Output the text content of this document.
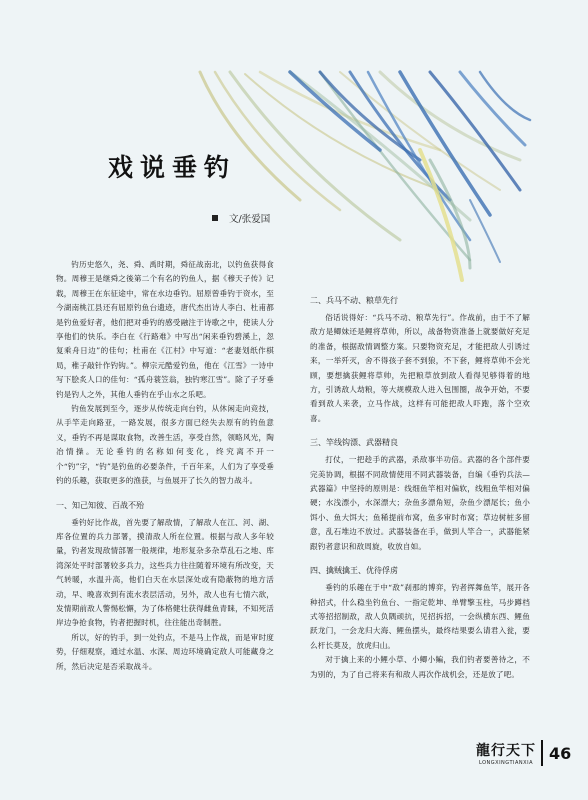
戏说垂钓
文/张爱国

钓历史悠久，尧、舜、禹时期，舜征战南北，以钓鱼获得食物。周穆王是继舜之後第二个有名的钓鱼人，据《穆天子传》记载，周穆王在东征途中，常在水边垂钓。屈原曾垂钓于资水，至今湖南桃江县还有屈原钓鱼台遗迹，唐代杰出诗人李白、杜甫都是钓鱼爱好者，他们把对垂钓的感受融注于诗歌之中，使读人分享他们的快乐。李白在《行路难》中写出“闲来垂钓碧溪上，忽复乘舟日边”的佳句；杜甫在《江村》中写道：“老妻划纸作棋局，稚子敲针作钓钩。”。柳宗元酷爱钓鱼，他在《江雪》一诗中写下脍炙人口的佳句：“孤舟蓑笠翁，独钓寒江雪”。除了子牙垂钓是钓人之外，其他人垂钓在乎山水之乐吧。

钓鱼发展到至今，逐步从传统走向台钓，从休闲走向竞技，从手竿走向路亚，一路发展，很多方面已经失去原有的钓鱼意义，垂钓不再是谋取食物，改善生活，享受自然，领略风光，陶冶情操。无论垂钓的名称如何变化，终究离不开一个“钓”字，“钓”是钓鱼的必要条件，千百年来，人们为了享受垂钓的乐趣，获取更多的渔获，与鱼展开了长久的智力战斗。

一、知己知彼、百战不殆

垂钓好比作战，首先要了解敌情，了解敌人在江、河、湖、库各位置的兵力部署，摸清敌人所在位置。根据与敌人多年较量，钓者发现敌情部署一般规律，地形复杂多杂草乱石之地、库湾深处平时部署较多兵力，这些兵力往往随着环境有所改变，天气转暖，水温升高，他们白天在水层深处或有隐蔽物的地方活动，早、晚喜欢到有流水表层活动，另外，敌人也有七情六欲，发情期前敌人警惕松懈，为了体格健壮获得雌鱼青睐，不知死活岸边争抢食物，钓者把握时机，往往能出奇制胜。

所以，好的钓手，到一处钓点，不是马上作战，而是审时度势，仔细观察，通过水温、水深、周边环境确定敌人可能藏身之所，然后决定是否采取战斗。

二、兵马不动、粮草先行

俗话说得好：“兵马不动、粮草先行”。作战前，由于不了解敌方是鲫妹还是鲤将草帅，所以，战备物资准备上就要做好充足的准备，根据敌情调整方案。只要物资充足，才能把敌人引诱过来，一举歼灭，舍不得孩子套不到狼，不下套，鲤将草帅不会光顾，要想擒获鲤将草帅，先把粮草放到敌人看得见够得着的地方，引诱敌人劫粮，等大规模敌人进入包围圈，战争开始，不要看到敌人来袭，立马作战，这样有可能把敌人吓跑，落个空欢喜。

三、竿线钩漂、武器精良

打仗，一把趁手的武器，杀敌事半功倍。武器的各个部件要完美协调，根据不同敌情使用不同武器装备，自编《垂钓兵法—武器篇》中坚持的原则是：线细鱼竿相对偏软，线粗鱼竿相对偏硬；水浅漂小，水深漂大；杂鱼多漂角短，杂鱼少漂尾长；鱼小饵小、鱼大饵大；鱼稀提前布窝，鱼多审时布窝；草边树桩多留意，乱石堆边不放过。武器装备在手，做到人竿合一，武器能紧跟钓者意识和敌周旋，收放自如。

四、擒贼擒王、优待俘虏

垂钓的乐趣在于中“敌”刹那的博弈，钓者挥舞鱼竿，展开各种招式，什么稳坐钓鱼台、一指定乾坤、单臂擎玉柱，马步蹲档式等招招制敌，敌人负隅顽抗，见招拆招，一会纵横东西、鲤鱼跃龙门，一会龙归大海、鲤鱼摆头，最终结果要么请君入瓮，要么杆长莫及，放虎归山。

对于擒上来的小鲤小草、小鲫小鳊，我们钓者要善待之，不为别的，为了自己将来有和敌人再次作战机会，还是放了吧。

龍行天下
LONGXINGTIANXIA
46
